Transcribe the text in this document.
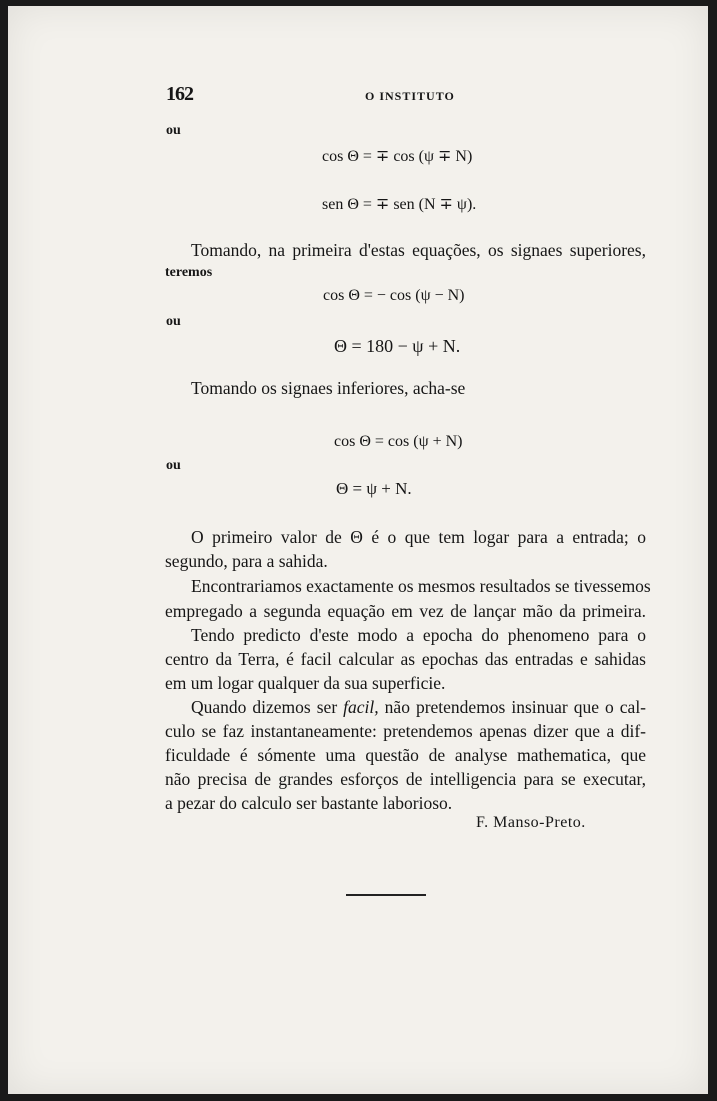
162	O INSTITUTO
ou
cos Θ = ∓ cos (ψ ∓ N)
sen Θ = ∓ sen (N ∓ ψ).
Tomando, na primeira d'estas equações, os signaes superiores,
teremos
cos Θ = − cos (ψ − N)
ou
Θ = 180 − ψ + N.
Tomando os signaes inferiores, acha-se
cos Θ = cos (ψ + N)
ou
Θ = ψ + N.
O primeiro valor de Θ é o que tem logar para a entrada; o
segundo, para a sahida.
Encontrariamos exactamente os mesmos resultados se tivessemos
empregado a segunda equação em vez de lançar mão da primeira.
Tendo predicto d'este modo a epocha do phenomeno para o
centro da Terra, é facil calcular as epochas das entradas e sahidas
em um logar qualquer da sua superficie.
Quando dizemos ser facil, não pretendemos insinuar que o cal-
culo se faz instantaneamente: pretendemos apenas dizer que a dif-
ficuldade é sómente uma questão de analyse mathematica, que
não precisa de grandes esforços de intelligencia para se executar,
a pezar do calculo ser bastante laborioso.
F. Manso-Preto.
